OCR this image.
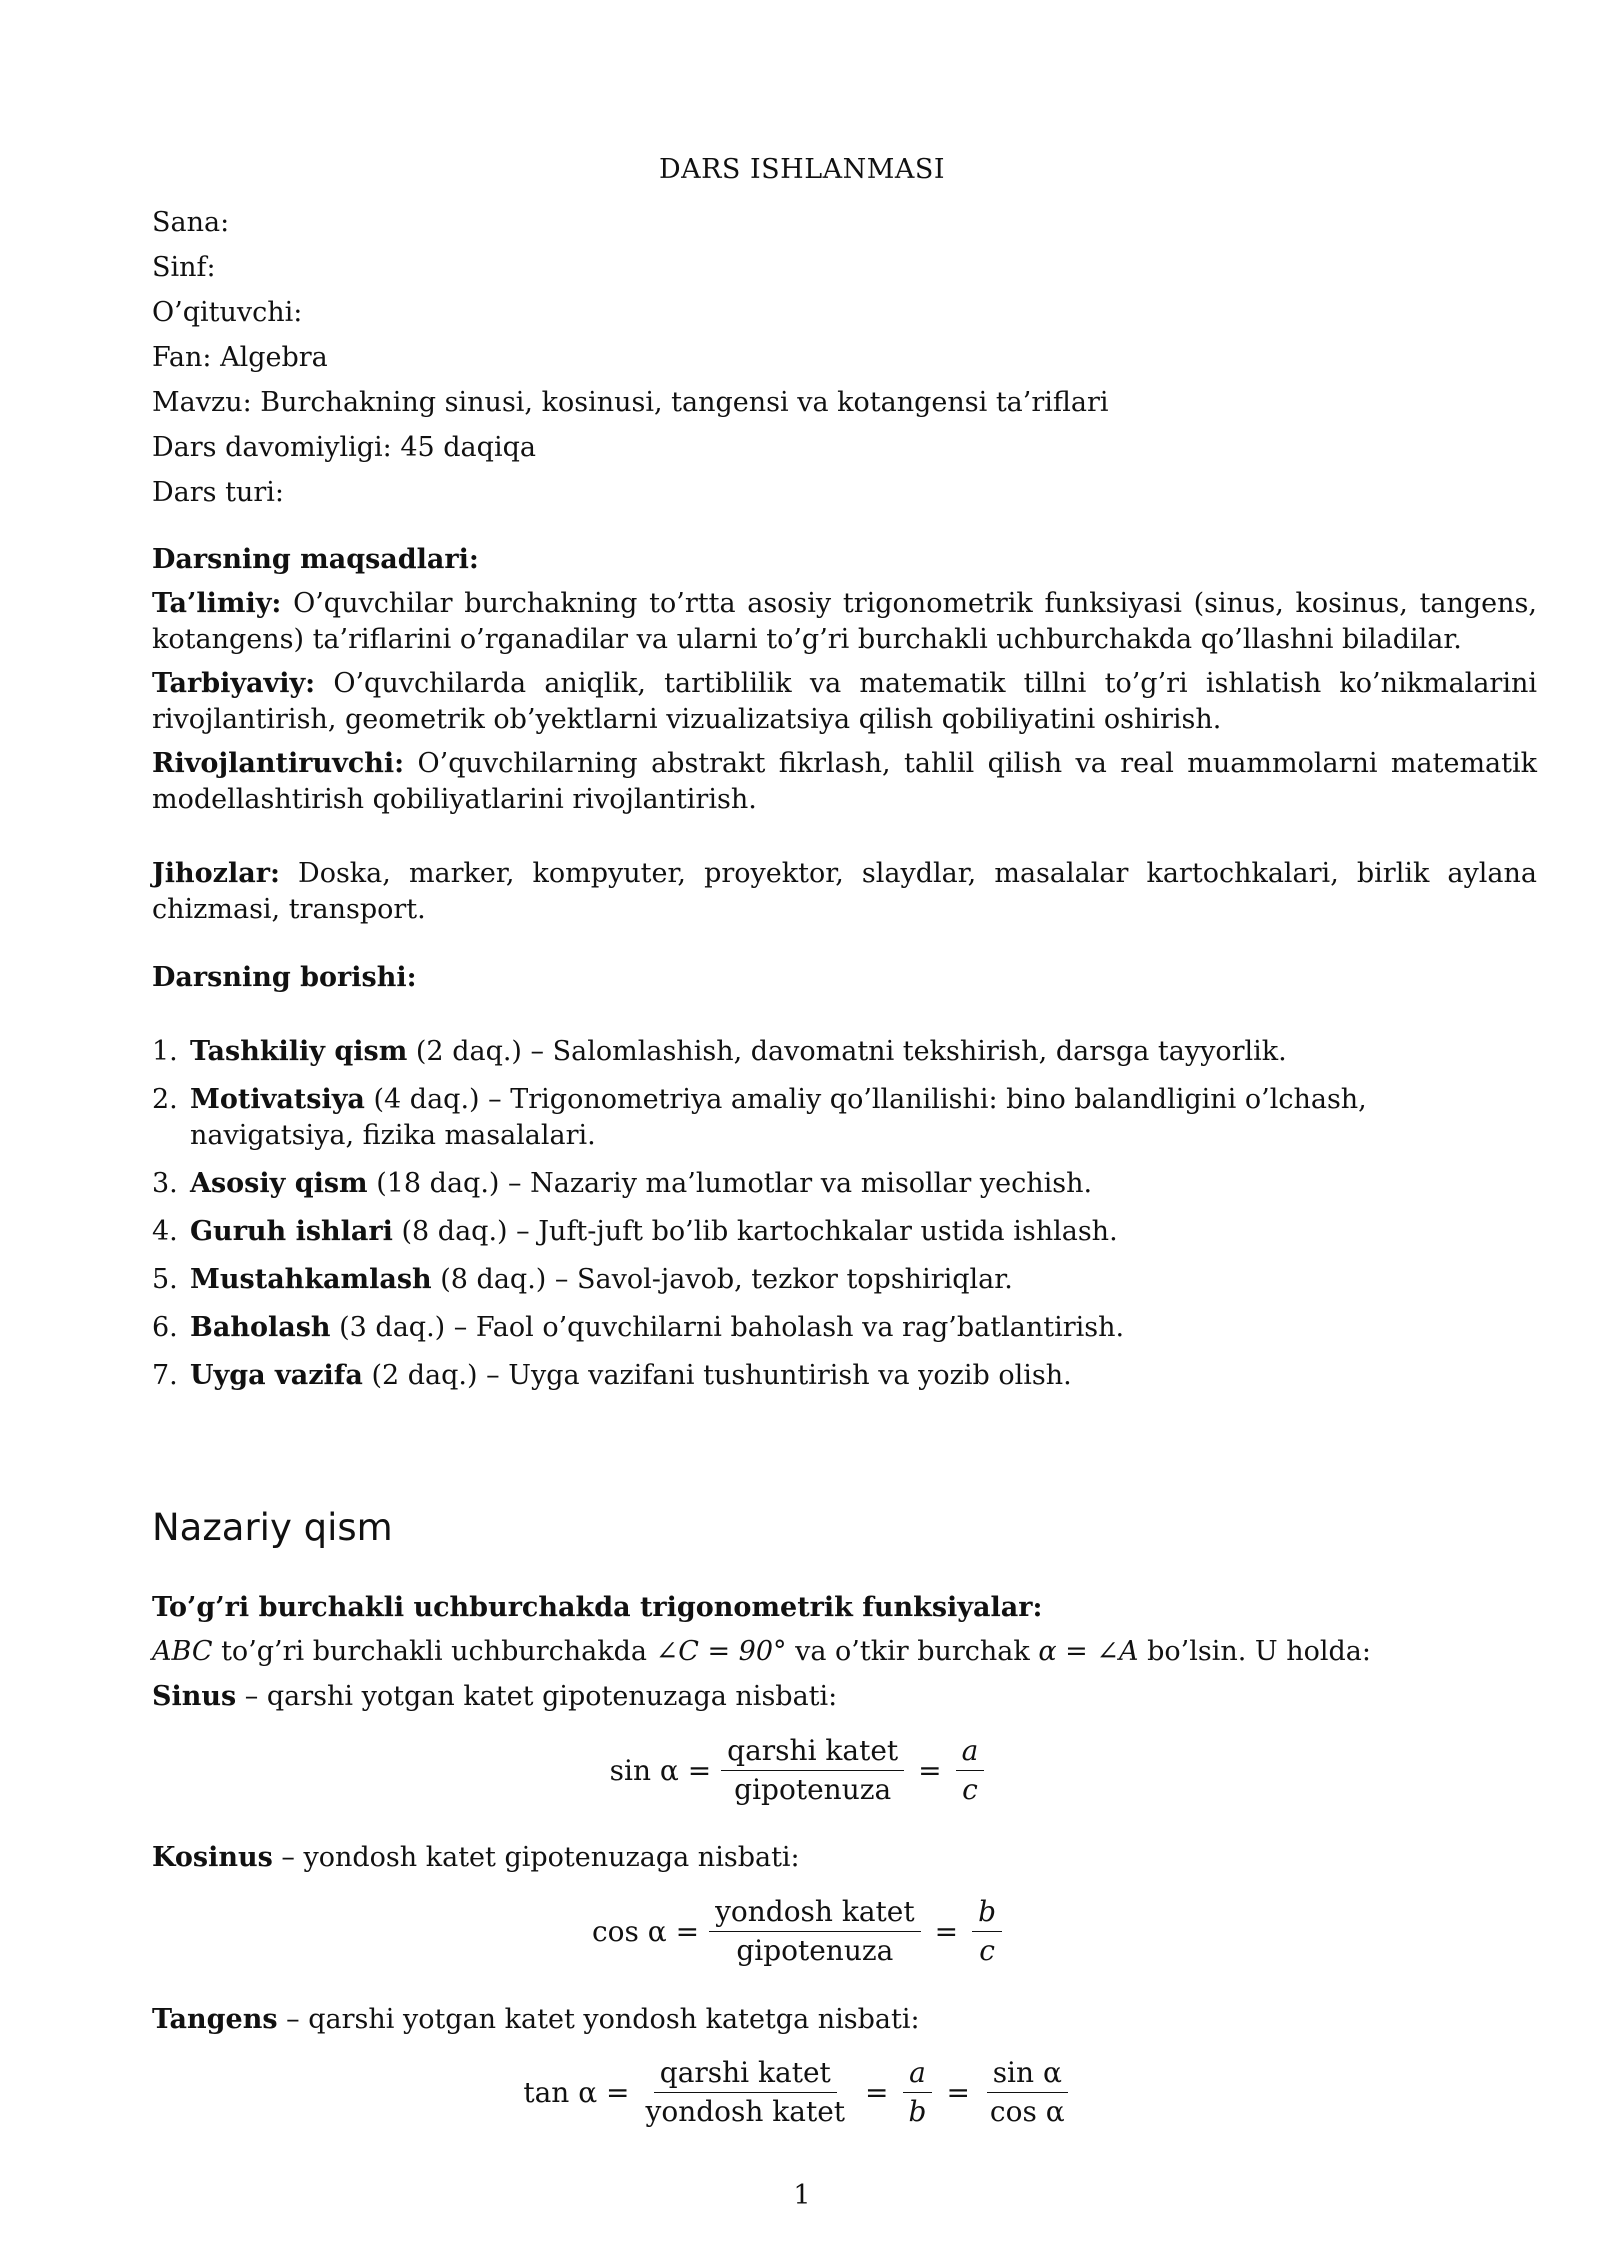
DARS ISHLANMASI
Sana:
Sinf:
O’qituvchi:
Fan: Algebra
Mavzu: Burchakning sinusi, kosinusi, tangensi va kotangensi ta’riflari
Dars davomiyligi: 45 daqiqa
Dars turi:
Darsning maqsadlari:

Ta’limiy: O’quvchilar burchakning to’rtta asosiy trigonometrik funksiyasi (sinus, kosinus, tangens, kotangens) ta’riflarini o’rganadilar va ularni to’g’ri burchakli uchburchakda qo’llashni biladilar.

Tarbiyaviy: O’quvchilarda aniqlik, tartiblilik va matematik tillni to’g’ri ishlatish ko’nikmalarini rivojlantirish, geometrik ob’yektlarni vizualizatsiya qilish qobiliyatini oshirish.

Rivojlantiruvchi: O’quvchilarning abstrakt fikrlash, tahlil qilish va real muammolarni matematik modellashtirish qobiliyatlarini rivojlantirish.

Jihozlar: Doska, marker, kompyuter, proyektor, slaydlar, masalalar kartochkalari, birlik aylana chizmasi, transport.

Darsning borishi:
1. Tashkiliy qism (2 daq.) – Salomlashish, davomatni tekshirish, darsga tayyorlik.
2. Motivatsiya (4 daq.) – Trigonometriya amaliy qo’llanilishi: bino balandligini o’lchash, navigatsiya, fizika masalalari.
3. Asosiy qism (18 daq.) – Nazariy ma’lumotlar va misollar yechish.
4. Guruh ishlari (8 daq.) – Juft-juft bo’lib kartochkalar ustida ishlash.
5. Mustahkamlash (8 daq.) – Savol-javob, tezkor topshiriqlar.
6. Baholash (3 daq.) – Faol o’quvchilarni baholash va rag’batlantirish.
7. Uyga vazifa (2 daq.) – Uyga vazifani tushuntirish va yozib olish.
Nazariy qism
To’g’ri burchakli uchburchakda trigonometrik funksiyalar:
ABC to’g’ri burchakli uchburchakda ∠C = 90° va o’tkir burchak α = ∠A bo’lsin. U holda:
Sinus – qarshi yotgan katet gipotenuzaga nisbati:
$\sin \alpha = \frac{\text{qarshi katet}}{\text{gipotenuza}} = \frac{a}{c}$
Kosinus – yondosh katet gipotenuzaga nisbati:
$\cos \alpha = \frac{\text{yondosh katet}}{\text{gipotenuza}} = \frac{b}{c}$
Tangens – qarshi yotgan katet yondosh katetga nisbati:
$\tan \alpha = \frac{\text{qarshi katet}}{\text{yondosh katet}} = \frac{a}{b} = \frac{\text{sin α}}{\text{cos α}}$
1
